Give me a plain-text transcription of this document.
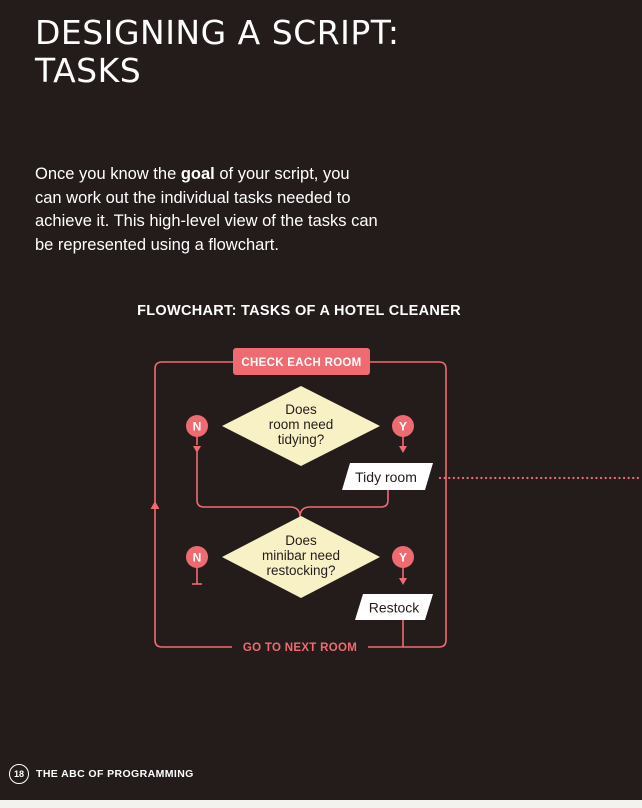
DESIGNING A SCRIPT:
TASKS

Once you know the goal of your script, you can work out the individual tasks needed to achieve it. This high-level view of the tasks can be represented using a flowchart.

FLOWCHART: TASKS OF A HOTEL CLEANER
CHECK EACH ROOM
GO TO NEXT ROOM
Does
room need
tidying?
N	Y
Tidy room
Does
minibar need
restocking?
N	Y
Restock
18	THE ABC OF PROGRAMMING
